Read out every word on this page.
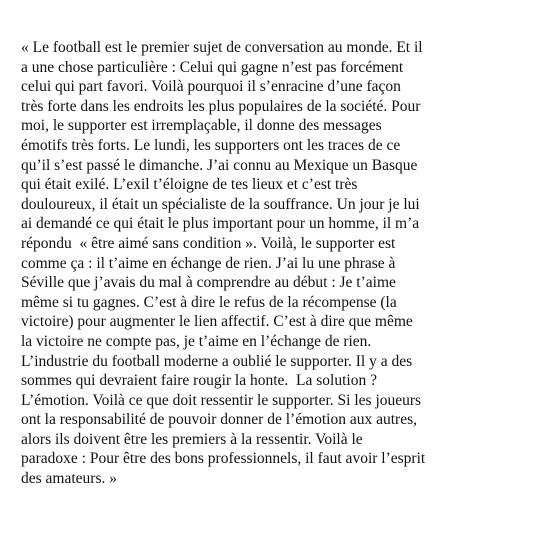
« Le football est le premier sujet de conversation au monde. Et il
a une chose particulière : Celui qui gagne n’est pas forcément
celui qui part favori. Voilà pourquoi il s’enracine d’une façon
très forte dans les endroits les plus populaires de la société. Pour
moi, le supporter est irremplaçable, il donne des messages
émotifs très forts. Le lundi, les supporters ont les traces de ce
qu’il s’est passé le dimanche. J’ai connu au Mexique un Basque
qui était exilé. L’exil t’éloigne de tes lieux et c’est très
douloureux, il était un spécialiste de la souffrance. Un jour je lui
ai demandé ce qui était le plus important pour un homme, il m’a
répondu  « être aimé sans condition ». Voilà, le supporter est
comme ça : il t’aime en échange de rien. J’ai lu une phrase à
Séville que j’avais du mal à comprendre au début : Je t’aime
même si tu gagnes. C’est à dire le refus de la récompense (la
victoire) pour augmenter le lien affectif. C’est à dire que même
la victoire ne compte pas, je t’aime en l’échange de rien.
L’industrie du football moderne a oublié le supporter. Il y a des
sommes qui devraient faire rougir la honte.  La solution ?
L’émotion. Voilà ce que doit ressentir le supporter. Si les joueurs
ont la responsabilité de pouvoir donner de l’émotion aux autres,
alors ils doivent être les premiers à la ressentir. Voilà le
paradoxe : Pour être des bons professionnels, il faut avoir l’esprit
des amateurs. »
